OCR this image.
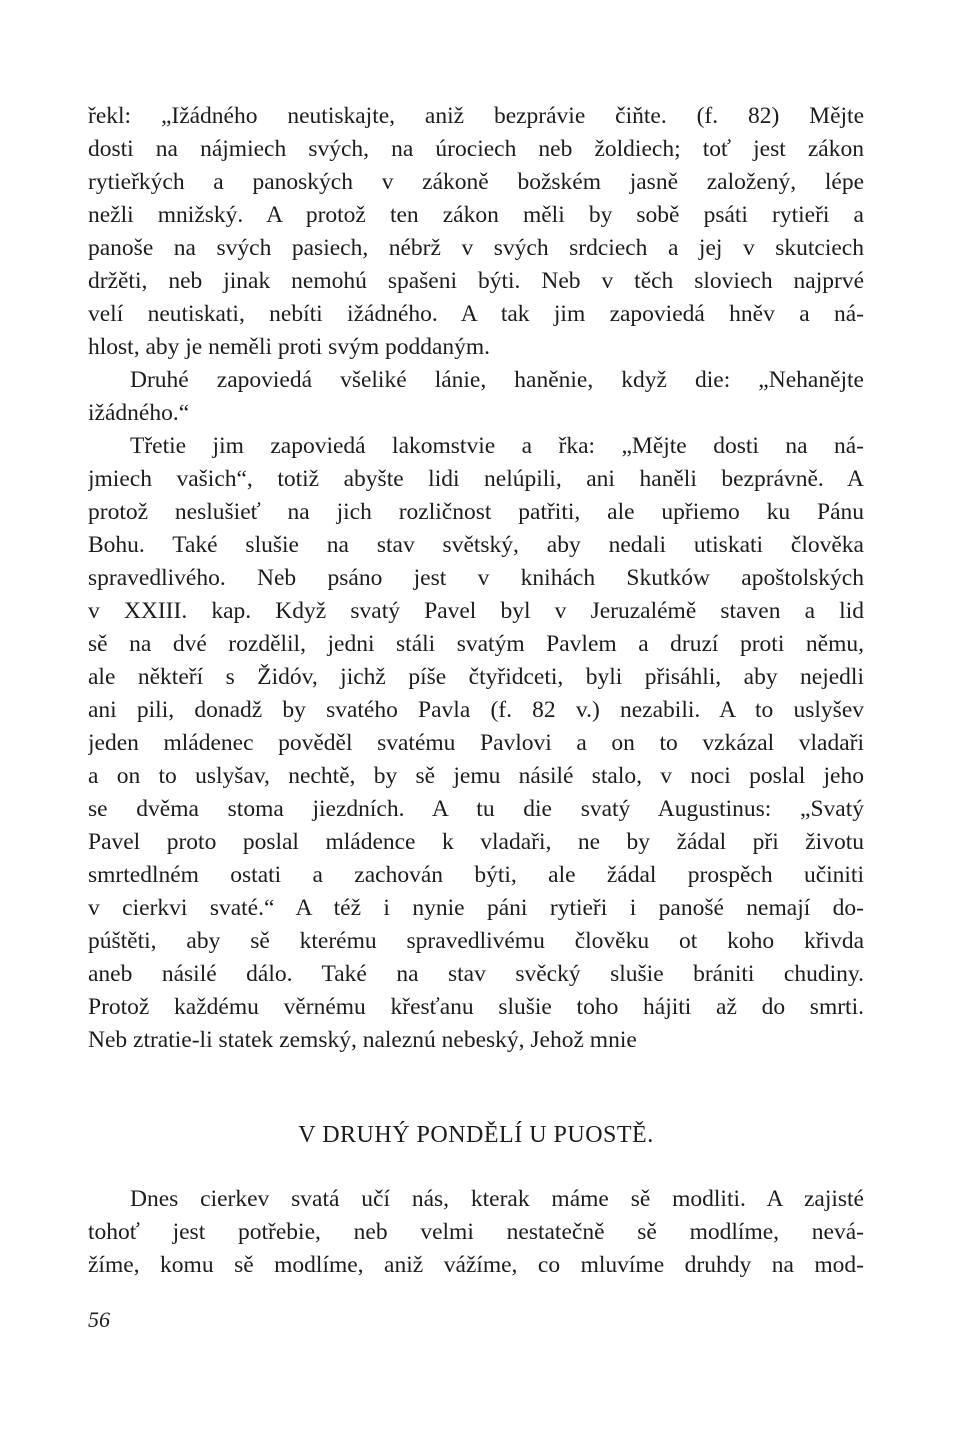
řekl: „Ižádného neutiskajte, aniž bezprávie čiňte. (f. 82) Mějte
dosti na nájmiech svých, na úrociech neb žoldiech; toť jest zákon
rytieřkých a panoských v zákoně božském jasně založený, lépe
nežli mnižský. A protož ten zákon měli by sobě psáti rytieři a
panoše na svých pasiech, nébrž v svých srdciech a jej v skutciech
držěti, neb jinak nemohú spašeni býti. Neb v těch sloviech najprvé
velí neutiskati, nebíti ižádného. A tak jim zapoviedá hněv a ná-
hlost, aby je neměli proti svým poddaným.
Druhé zapoviedá všeliké lánie, haněnie, když die: „Nehanějte
ižádného.“
Třetie jim zapoviedá lakomstvie a řka: „Mějte dosti na ná-
jmiech vašich“, totiž abyšte lidi nelúpili, ani haněli bezprávně. A
protož neslušieť na jich rozličnost patřiti, ale upřiemo ku Pánu
Bohu. Také slušie na stav světský, aby nedali utiskati člověka
spravedlivého. Neb psáno jest v knihách Skutków apoštolských
v XXIII. kap. Když svatý Pavel byl v Jeruzalémě staven a lid
sě na dvé rozdělil, jedni stáli svatým Pavlem a druzí proti němu,
ale někteří s Židóv, jichž píše čtyřidceti, byli přisáhli, aby nejedli
ani pili, donadž by svatého Pavla (f. 82 v.) nezabili. A to uslyšev
jeden mládenec pověděl svatému Pavlovi a on to vzkázal vladaři
a on to uslyšav, nechtě, by sě jemu násilé stalo, v noci poslal jeho
se dvěma stoma jiezdních. A tu die svatý Augustinus: „Svatý
Pavel proto poslal mládence k vladaři, ne by žádal při životu
smrtedlném ostati a zachován býti, ale žádal prospěch učiniti
v cierkvi svaté.“ A též i nynie páni rytieři i panošé nemají do-
púštěti, aby sě kterému spravedlivému člověku ot koho křivda
aneb násilé dálo. Také na stav svěcký slušie brániti chudiny.
Protož každému věrnému křesťanu slušie toho hájiti až do smrti.
Neb ztratie-li statek zemský, naleznú nebeský, Jehož mnie
V DRUHÝ PONDĚLÍ U PUOSTĚ.
Dnes cierkev svatá učí nás, kterak máme sě modliti. A zajisté
tohoť jest potřebie, neb velmi nestatečně sě modlíme, nevá-
žíme, komu sě modlíme, aniž vážíme, co mluvíme druhdy na mod-
56
